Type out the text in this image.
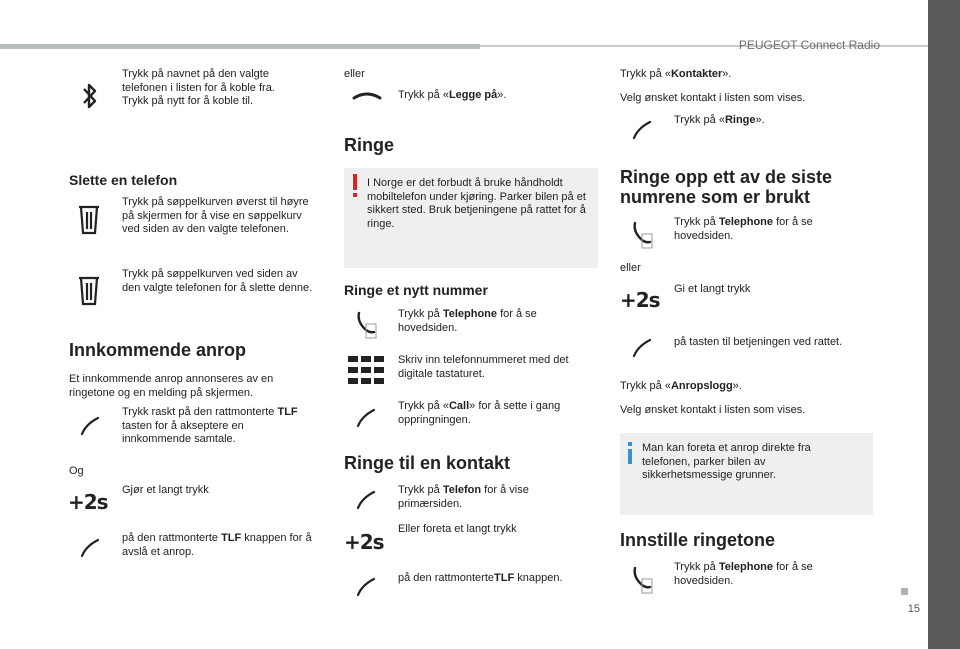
PEUGEOT Connect Radio
15
Trykk på navnet på den valgte telefonen i listen for å koble fra. Trykk på nytt for å koble til.
Slette en telefon
Trykk på søppelkurven øverst til høyre på skjermen for å vise en søppelkurv ved siden av den valgte telefonen.
Trykk på søppelkurven ved siden av den valgte telefonen for å slette denne.
Innkommende anrop
Et innkommende anrop annonseres av en ringetone og en melding på skjermen.
Trykk raskt på den rattmonterte TLF tasten for å akseptere en innkommende samtale.
Og
+2s Gjør et langt trykk
på den rattmonterte TLF knappen for å avslå et anrop.
eller
Trykk på «Legge på».
Ringe
I Norge er det forbudt å bruke håndholdt mobiltelefon under kjøring. Parker bilen på et sikkert sted. Bruk betjeningene på rattet for å ringe.
Ringe et nytt nummer
Trykk på Telephone for å se hovedsiden.
Skriv inn telefonnummeret med det digitale tastaturet.
Trykk på «Call» for å sette i gang oppringningen.
Ringe til en kontakt
Trykk på Telefon for å vise primærsiden.
+2s
Eller foreta et langt trykk
på den rattmonterteTLF knappen.
Trykk på «Kontakter».
Velg ønsket kontakt i listen som vises.
Trykk på «Ringe».
Ringe opp ett av de siste
numrene som er brukt
Trykk på Telephone for å se hovedsiden.
eller
+2s Gi et langt trykk
på tasten til betjeningen ved rattet.
Trykk på «Anropslogg».
Velg ønsket kontakt i listen som vises.
Man kan foreta et anrop direkte fra telefonen, parker bilen av sikkerhetsmessige grunner.
Innstille ringetone
Trykk på Telephone for å se hovedsiden.
